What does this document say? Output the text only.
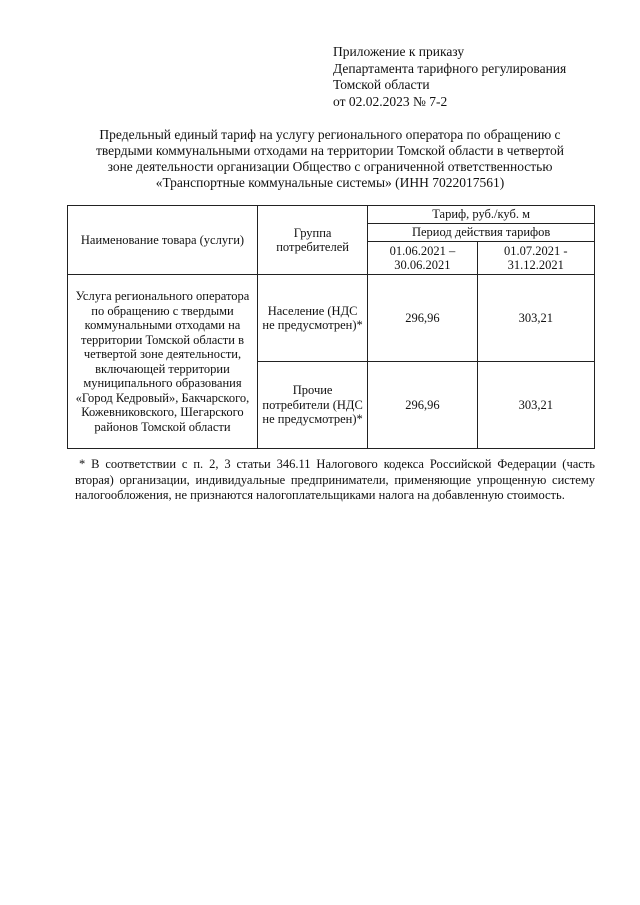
Приложение к приказу
Департамента тарифного регулирования
Томской области
от 02.02.2023 № 7-2
Предельный единый тариф на услугу регионального оператора по обращению с
твердыми коммунальными отходами на территории Томской области в четвертой
зоне деятельности организации Общество с ограниченной ответственностью
«Транспортные коммунальные системы» (ИНН 7022017561)
Наименование товара (услуги)	Группа потребителей	Тариф, руб./куб. м	
		Период действия тарифов	
		01.06.2021 – 30.06.2021	01.07.2021 - 31.12.2021
Услуга регионального оператора по обращению с твердыми коммунальными отходами на территории Томской области в четвертой зоне деятельности, включающей территории муниципального образования «Город Кедровый», Бакчарского, Кожевниковского, Шегарского районов Томской области	Население (НДС не предусмотрен)*	296,96	303,21
	Прочие потребители (НДС не предусмотрен)*	296,96	303,21
* В соответствии с п. 2, 3 статьи 346.11 Налогового кодекса Российской Федерации (часть вторая) организации, индивидуальные предприниматели, применяющие упрощенную систему налогообложения, не признаются налогоплательщиками налога на добавленную стоимость.
